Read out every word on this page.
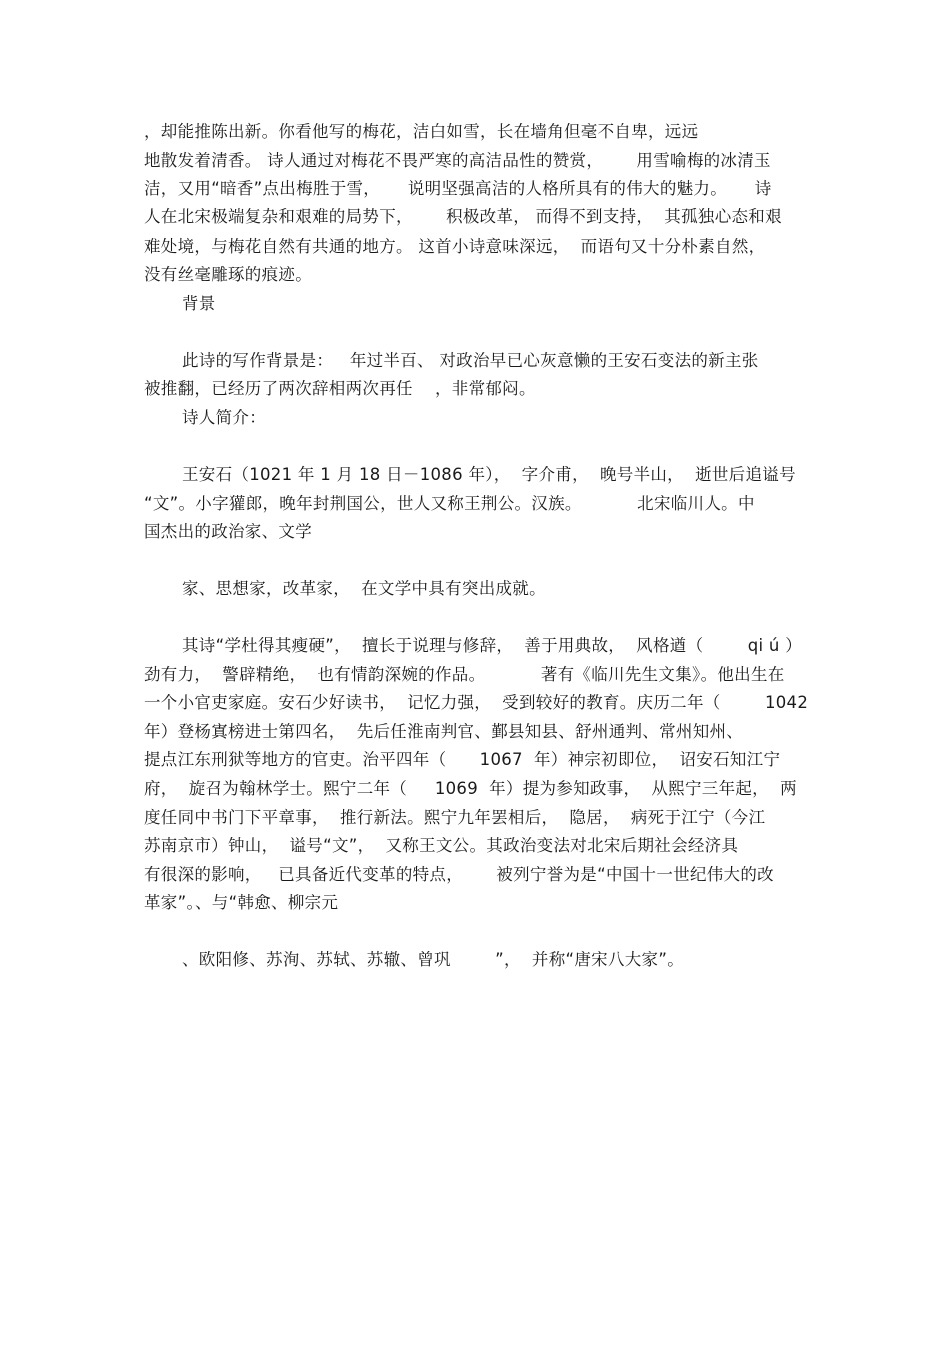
，却能推陈出新。你看他写的梅花，洁白如雪，长在墙角但毫不自卑，远远
地散发着清香。 诗人通过对梅花不畏严寒的高洁品性的赞赏，      用雪喻梅的冰清玉
洁，又用“暗香”点出梅胜于雪，     说明坚强高洁的人格所具有的伟大的魅力。     诗
人在北宋极端复杂和艰难的局势下，      积极改革， 而得不到支持，  其孤独心态和艰
难处境，与梅花自然有共通的地方。 这首小诗意味深远，  而语句又十分朴素自然，
没有丝毫雕琢的痕迹。
背景
此诗的写作背景是：   年过半百、 对政治早已心灰意懒的王安石变法的新主张
被推翻，已经历了两次辞相两次再任    ，非常郁闷。
诗人简介：
王安石（1021 年 1 月 18 日－1086 年），  字介甫，  晚号半山，  逝世后追谥号
“文”。小字獾郎，晚年封荆国公，世人又称王荆公。汉族。          北宋临川人。中
国杰出的政治家、文学
家、思想家，改革家，  在文学中具有突出成就。
其诗“学杜得其瘦硬”，  擅长于说理与修辞，  善于用典故，  风格遒（        qi ú ）
劲有力，  警辟精绝，  也有情韵深婉的作品。          著有《临川先生文集》。他出生在
一个小官吏家庭。安石少好读书，  记忆力强，  受到较好的教育。庆历二年（        1042
年）登杨寘榜进士第四名，  先后任淮南判官、鄞县知县、舒州通判、常州知州、
提点江东刑狱等地方的官吏。治平四年（      1067  年）神宗初即位，  诏安石知江宁
府，  旋召为翰林学士。熙宁二年（     1069  年）提为参知政事，  从熙宁三年起，  两
度任同中书门下平章事，  推行新法。熙宁九年罢相后，  隐居，  病死于江宁（今江
苏南京市）钟山，  谥号“文”，  又称王文公。其政治变法对北宋后期社会经济具
有很深的影响，   已具备近代变革的特点，      被列宁誉为是“中国十一世纪伟大的改
革家”。、与“韩愈、柳宗元
、欧阳修、苏洵、苏轼、苏辙、曾巩        ”，  并称“唐宋八大家”。
